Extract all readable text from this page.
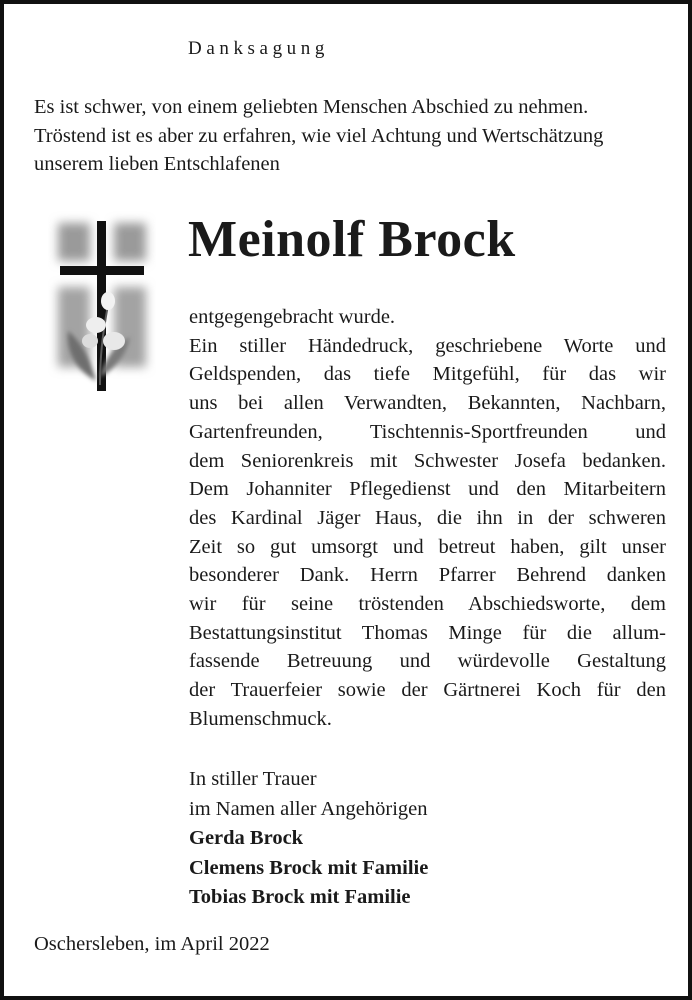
Danksagung
Es ist schwer, von einem geliebten Menschen Abschied zu nehmen.
Tröstend ist es aber zu erfahren, wie viel Achtung und Wertschätzung
unserem lieben Entschlafenen
Meinolf Brock
entgegengebracht wurde.
Ein stiller Händedruck, geschriebene Worte und
Geldspenden, das tiefe Mitgefühl, für das wir
uns bei allen Verwandten, Bekannten, Nachbarn,
Gartenfreunden, Tischtennis-Sportfreunden und
dem Seniorenkreis mit Schwester Josefa bedanken.
Dem Johanniter Pflegedienst und den Mitarbeitern
des Kardinal Jäger Haus, die ihn in der schweren
Zeit so gut umsorgt und betreut haben, gilt unser
besonderer Dank. Herrn Pfarrer Behrend danken
wir für seine tröstenden Abschiedsworte, dem
Bestattungsinstitut Thomas Minge für die allum-
fassende Betreuung und würdevolle Gestaltung
der Trauerfeier sowie der Gärtnerei Koch für den
Blumenschmuck.
In stiller Trauer
im Namen aller Angehörigen
Gerda Brock
Clemens Brock mit Familie
Tobias Brock mit Familie
Oschersleben, im April 2022
